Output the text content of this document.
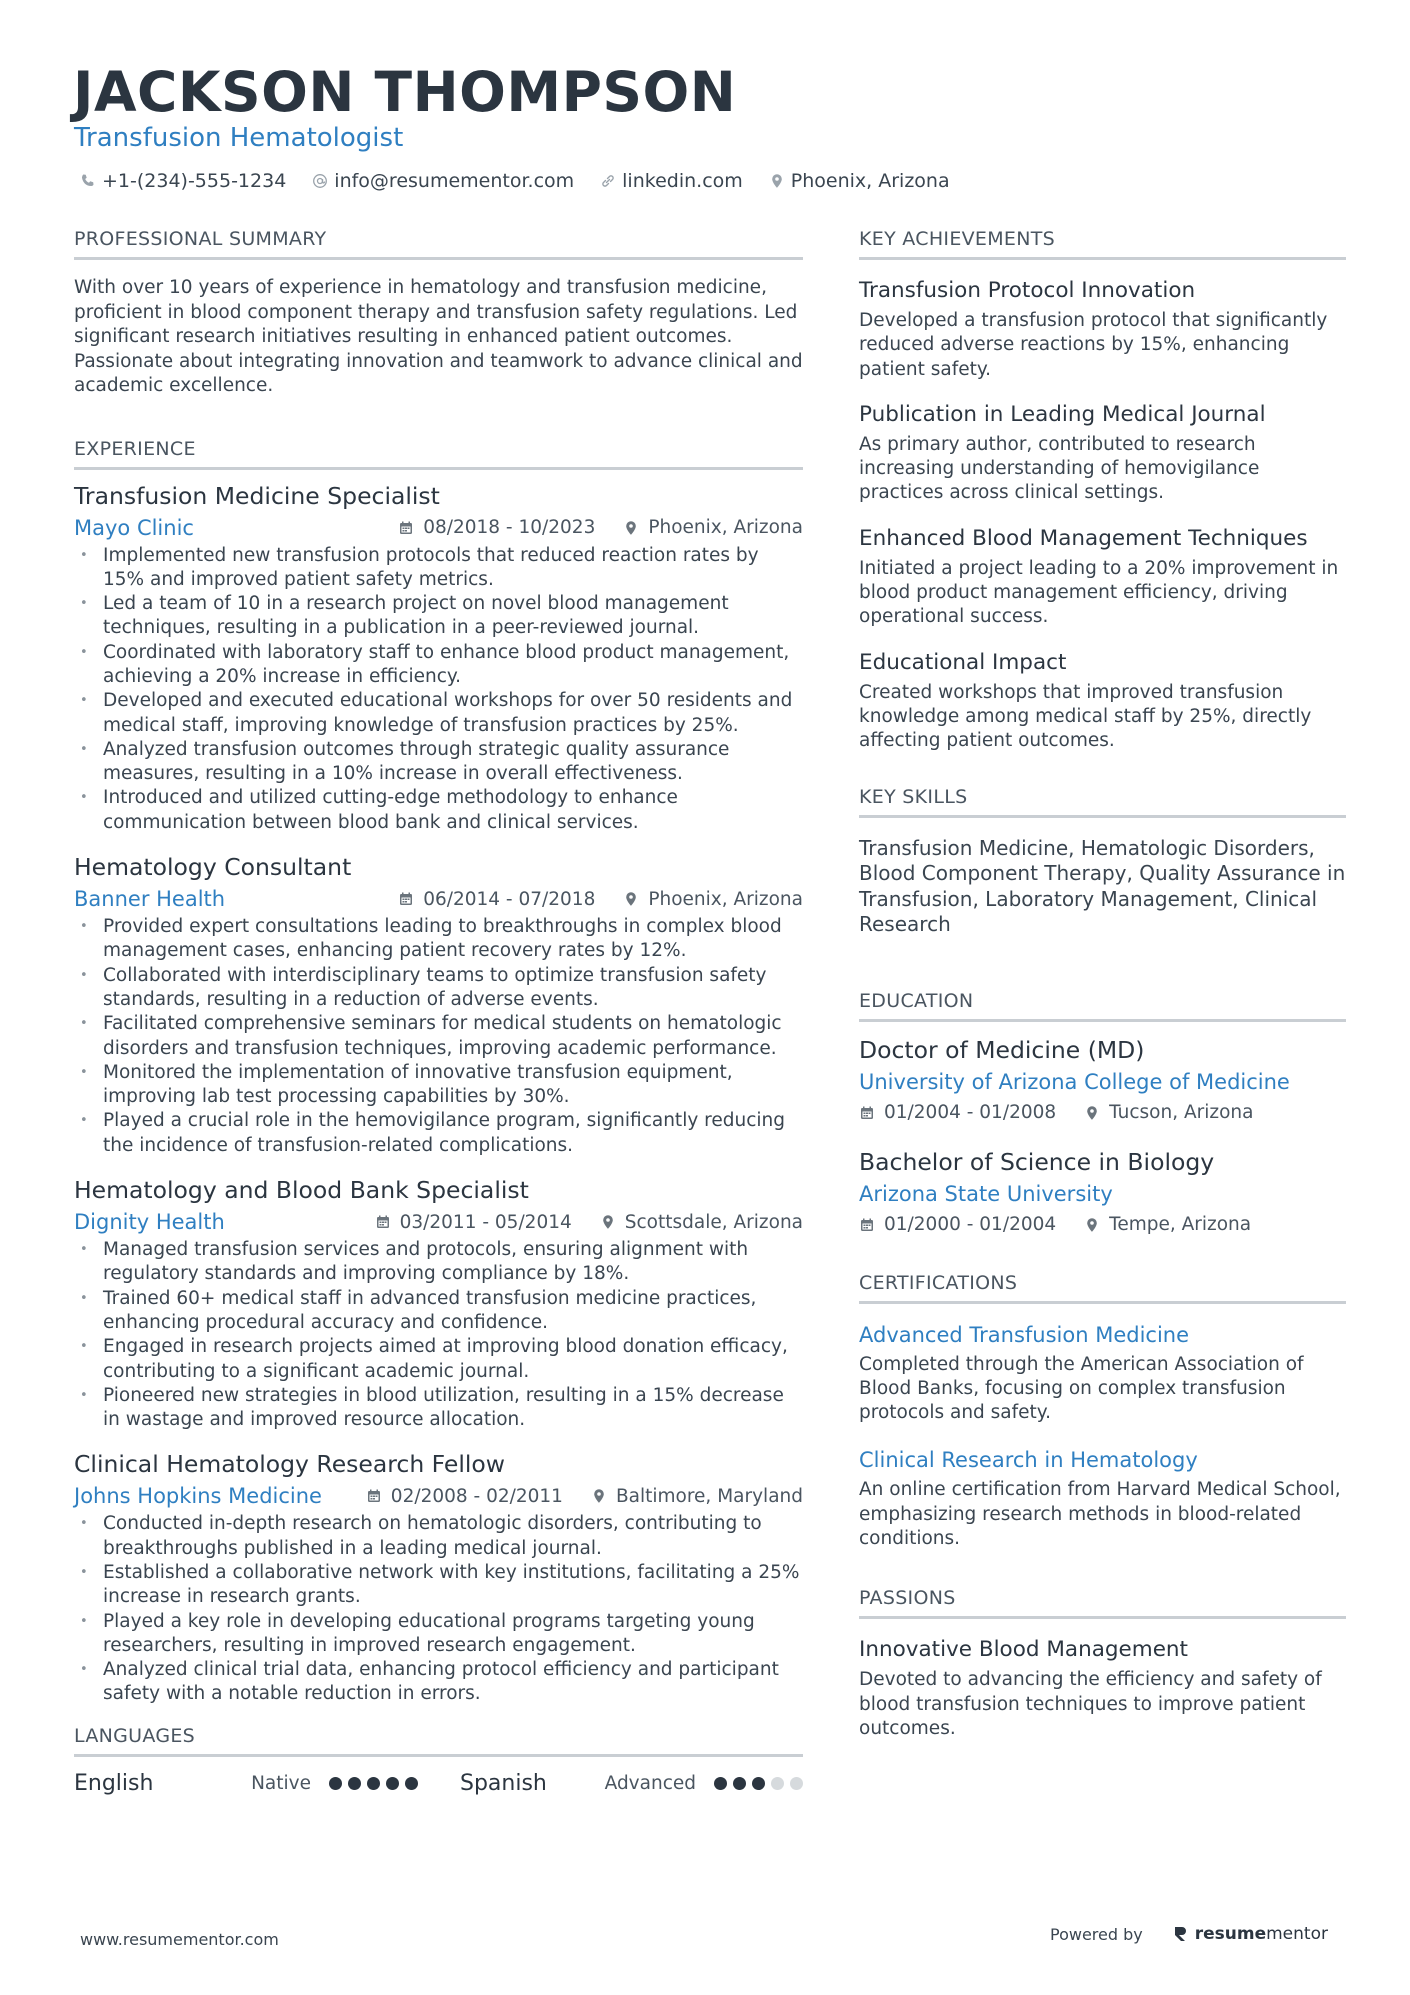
JACKSON THOMPSON
Transfusion Hematologist
+1-(234)-555-1234	info@resumementor.com	linkedin.com	Phoenix, Arizona
PROFESSIONAL SUMMARY
With over 10 years of experience in hematology and transfusion medicine, proficient in blood component therapy and transfusion safety regulations. Led significant research initiatives resulting in enhanced patient outcomes. Passionate about integrating innovation and teamwork to advance clinical and academic excellence.
EXPERIENCE
Transfusion Medicine Specialist
Mayo Clinic	08/2018 - 10/2023	Phoenix, Arizona
• Implemented new transfusion protocols that reduced reaction rates by 15% and improved patient safety metrics.
• Led a team of 10 in a research project on novel blood management techniques, resulting in a publication in a peer-reviewed journal.
• Coordinated with laboratory staff to enhance blood product management, achieving a 20% increase in efficiency.
• Developed and executed educational workshops for over 50 residents and medical staff, improving knowledge of transfusion practices by 25%.
• Analyzed transfusion outcomes through strategic quality assurance measures, resulting in a 10% increase in overall effectiveness.
• Introduced and utilized cutting-edge methodology to enhance communication between blood bank and clinical services.
Hematology Consultant
Banner Health	06/2014 - 07/2018	Phoenix, Arizona
• Provided expert consultations leading to breakthroughs in complex blood management cases, enhancing patient recovery rates by 12%.
• Collaborated with interdisciplinary teams to optimize transfusion safety standards, resulting in a reduction of adverse events.
• Facilitated comprehensive seminars for medical students on hematologic disorders and transfusion techniques, improving academic performance.
• Monitored the implementation of innovative transfusion equipment, improving lab test processing capabilities by 30%.
• Played a crucial role in the hemovigilance program, significantly reducing the incidence of transfusion-related complications.
Hematology and Blood Bank Specialist
Dignity Health	03/2011 - 05/2014	Scottsdale, Arizona
• Managed transfusion services and protocols, ensuring alignment with regulatory standards and improving compliance by 18%.
• Trained 60+ medical staff in advanced transfusion medicine practices, enhancing procedural accuracy and confidence.
• Engaged in research projects aimed at improving blood donation efficacy, contributing to a significant academic journal.
• Pioneered new strategies in blood utilization, resulting in a 15% decrease in wastage and improved resource allocation.
Clinical Hematology Research Fellow
Johns Hopkins Medicine	02/2008 - 02/2011	Baltimore, Maryland
• Conducted in-depth research on hematologic disorders, contributing to breakthroughs published in a leading medical journal.
• Established a collaborative network with key institutions, facilitating a 25% increase in research grants.
• Played a key role in developing educational programs targeting young researchers, resulting in improved research engagement.
• Analyzed clinical trial data, enhancing protocol efficiency and participant safety with a notable reduction in errors.
LANGUAGES
English	Native	Spanish	Advanced
KEY ACHIEVEMENTS
Transfusion Protocol Innovation
Developed a transfusion protocol that significantly reduced adverse reactions by 15%, enhancing patient safety.
Publication in Leading Medical Journal
As primary author, contributed to research increasing understanding of hemovigilance practices across clinical settings.
Enhanced Blood Management Techniques
Initiated a project leading to a 20% improvement in blood product management efficiency, driving operational success.
Educational Impact
Created workshops that improved transfusion knowledge among medical staff by 25%, directly affecting patient outcomes.
KEY SKILLS
Transfusion Medicine, Hematologic Disorders, Blood Component Therapy, Quality Assurance in Transfusion, Laboratory Management, Clinical Research
EDUCATION
Doctor of Medicine (MD)
University of Arizona College of Medicine
01/2004 - 01/2008	Tucson, Arizona
Bachelor of Science in Biology
Arizona State University
01/2000 - 01/2004	Tempe, Arizona
CERTIFICATIONS
Advanced Transfusion Medicine
Completed through the American Association of Blood Banks, focusing on complex transfusion protocols and safety.
Clinical Research in Hematology
An online certification from Harvard Medical School, emphasizing research methods in blood-related conditions.
PASSIONS
Innovative Blood Management
Devoted to advancing the efficiency and safety of blood transfusion techniques to improve patient outcomes.
www.resumementor.com	Powered by	resumementor
